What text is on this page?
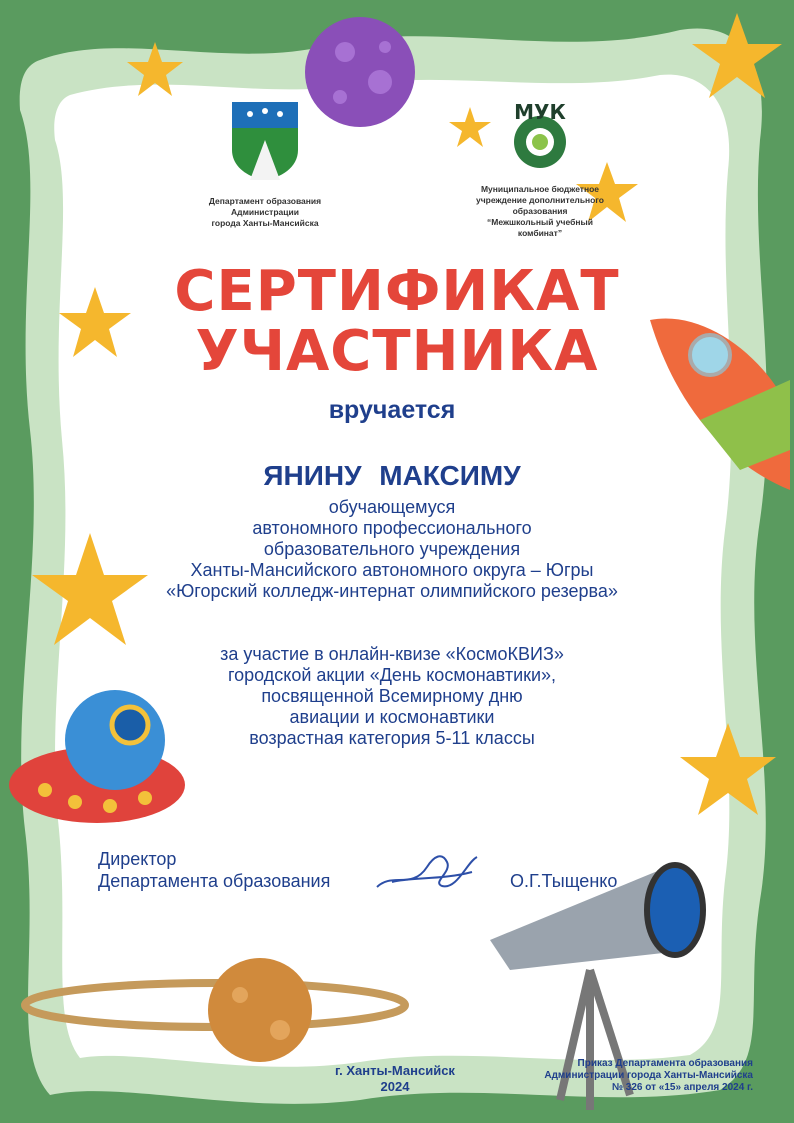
Департамент образования
Администрации
города Ханты-Мансийска
МУК
Муниципальное бюджетное
учреждение дополнительного
образования
“Межшкольный учебный
комбинат”
СЕРТИФИКАТ
УЧАСТНИКА
вручается
ЯНИНУ МАКСИМУ
обучающемуся
автономного профессионального
образовательного учреждения
Ханты-Мансийского автономного округа – Югры
«Югорский колледж-интернат олимпийского резерва»
за участие в онлайн-квизе «КосмоКВИЗ»
городской акции «День космонавтики»,
посвященной Всемирному дню
авиации и космонавтики
возрастная категория 5-11 классы
Директор
Департамента образования	О.Г.Тыщенко
г. Ханты-Мансийск
2024
Приказ Департамента образования
Администрации города Ханты-Мансийска
№ 326 от «15» апреля 2024 г.
